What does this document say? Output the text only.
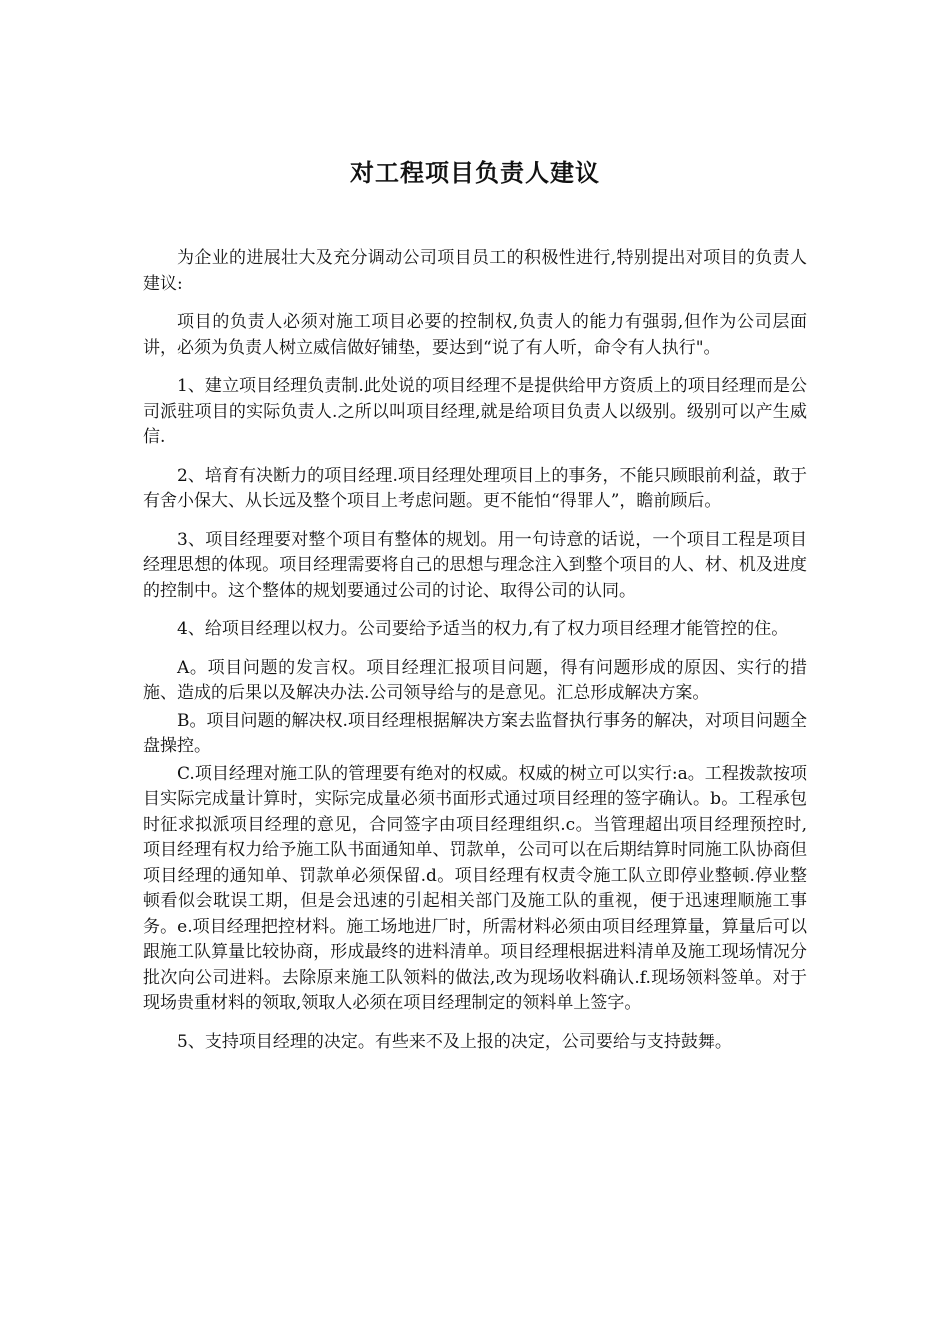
对工程项目负责人建议

为企业的进展壮大及充分调动公司项目员工的积极性进行,特别提出对项目的负责人建议:

项目的负责人必须对施工项目必要的控制权,负责人的能力有强弱,但作为公司层面讲，必须为负责人树立威信做好铺垫，要达到“说了有人听，命令有人执行"。

1、建立项目经理负责制.此处说的项目经理不是提供给甲方资质上的项目经理而是公司派驻项目的实际负责人.之所以叫项目经理,就是给项目负责人以级别。级别可以产生威信.

2、培育有决断力的项目经理.项目经理处理项目上的事务，不能只顾眼前利益，敢于有舍小保大、从长远及整个项目上考虑问题。更不能怕“得罪人”，瞻前顾后。

3、项目经理要对整个项目有整体的规划。用一句诗意的话说，一个项目工程是项目经理思想的体现。项目经理需要将自己的思想与理念注入到整个项目的人、材、机及进度的控制中。这个整体的规划要通过公司的讨论、取得公司的认同。

4、给项目经理以权力。公司要给予适当的权力,有了权力项目经理才能管控的住。

A。项目问题的发言权。项目经理汇报项目问题，得有问题形成的原因、实行的措施、造成的后果以及解决办法.公司领导给与的是意见。汇总形成解决方案。

B。项目问题的解决权.项目经理根据解决方案去监督执行事务的解决，对项目问题全盘操控。

C.项目经理对施工队的管理要有绝对的权威。权威的树立可以实行:a。工程拨款按项目实际完成量计算时，实际完成量必须书面形式通过项目经理的签字确认。b。工程承包时征求拟派项目经理的意见，合同签字由项目经理组织.c。当管理超出项目经理预控时,项目经理有权力给予施工队书面通知单、罚款单，公司可以在后期结算时同施工队协商但项目经理的通知单、罚款单必须保留.d。项目经理有权责令施工队立即停业整顿.停业整顿看似会耽误工期，但是会迅速的引起相关部门及施工队的重视，便于迅速理顺施工事务。e.项目经理把控材料。施工场地进厂时，所需材料必须由项目经理算量，算量后可以跟施工队算量比较协商，形成最终的进料清单。项目经理根据进料清单及施工现场情况分批次向公司进料。去除原来施工队领料的做法,改为现场收料确认.f.现场领料签单。对于现场贵重材料的领取,领取人必须在项目经理制定的领料单上签字。

5、支持项目经理的决定。有些来不及上报的决定，公司要给与支持鼓舞。
